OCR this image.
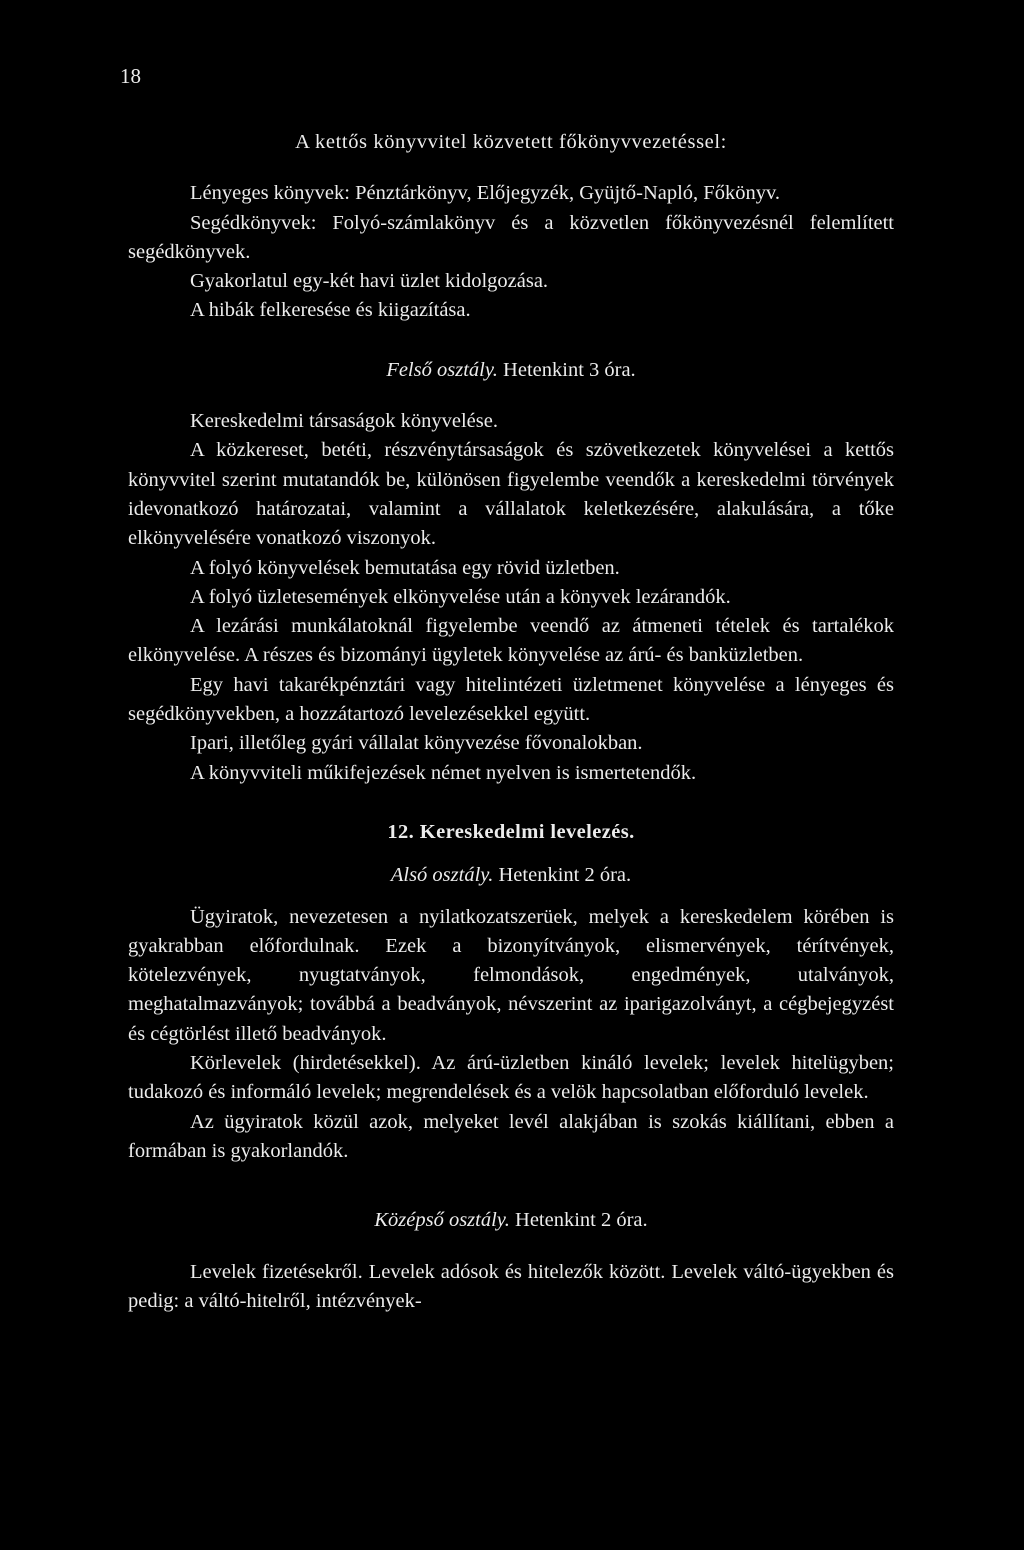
18

A kettős könyvvitel közvetett főkönyvvezetéssel:

Lényeges könyvek: Pénztárkönyv, Előjegyzék, Gyüjtő-Napló, Főkönyv.

Segédkönyvek: Folyó-számlakönyv és a közvetlen főkönyvezésnél felemlített segédkönyvek.

Gyakorlatul egy-két havi üzlet kidolgozása.

A hibák felkeresése és kiigazítása.

Felső osztály. Hetenkint 3 óra.

Kereskedelmi társaságok könyvelése.

A közkereset, betéti, részvénytársaságok és szövetkezetek könyvelései a kettős könyvvitel szerint mutatandók be, különösen figyelembe veendők a kereskedelmi törvények idevonatkozó határozatai, valamint a vállalatok keletkezésére, alakulására, a tőke elkönyvelésére vonatkozó viszonyok.

A folyó könyvelések bemutatása egy rövid üzletben.

A folyó üzletesemények elkönyvelése után a könyvek lezárandók.

A lezárási munkálatoknál figyelembe veendő az átmeneti tételek és tartalékok elkönyvelése. A részes és bizományi ügyletek könyvelése az árú- és banküzletben.

Egy havi takarékpénztári vagy hitelintézeti üzletmenet könyvelése a lényeges és segédkönyvekben, a hozzátartozó levelezésekkel együtt.

Ipari, illetőleg gyári vállalat könyvezése fővonalokban.

A könyvviteli műkifejezések német nyelven is ismertetendők.

12. Kereskedelmi levelezés.

Alsó osztály. Hetenkint 2 óra.

Ügyiratok, nevezetesen a nyilatkozatszerüek, melyek a kereskedelem körében is gyakrabban előfordulnak. Ezek a bizonyítványok, elismervények, térítvények, kötelezvények, nyugtatványok, felmondások, engedmények, utalványok, meghatalmazványok; továbbá a beadványok, névszerint az iparigazolványt, a cégbejegyzést és cégtörlést illető beadványok.

Körlevelek (hirdetésekkel). Az árú-üzletben kináló levelek; levelek hitelügyben; tudakozó és informáló levelek; megrendelések és a velök hapcsolatban előforduló levelek.

Az ügyiratok közül azok, melyeket levél alakjában is szokás kiállítani, ebben a formában is gyakorlandók.

Középső osztály. Hetenkint 2 óra.

Levelek fizetésekről. Levelek adósok és hitelezők között. Levelek váltó-ügyekben és pedig: a váltó-hitelről, intézvények-
